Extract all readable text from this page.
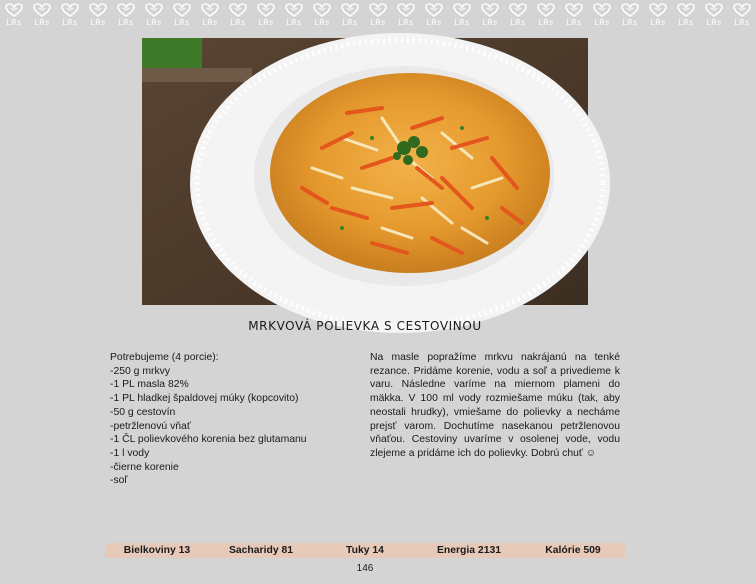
LRs LRs LRs LRs LRs LRs LRs LRs LRs LRs LRs LRs LRs LRs LRs LRs LRs LRs LRs LRs LRs LRs LRs LRs LRs LRs LRs
MRKVOVÁ POLIEVKA S CESTOVINOU
Potrebujeme (4 porcie):
-250 g mrkvy
-1 PL masla 82%
-1 PL hladkej špaldovej múky (kopcovito)
-50 g cestovín
-petržlenovú vňať
-1 ČL polievkového korenia bez glutamanu
-1 l vody
-čierne korenie
-soľ
Na masle popražíme mrkvu nakrájanú na tenké rezance. Pridáme korenie, vodu a soľ a privedieme k varu. Následne varíme na miernom plameni do mäkka. V 100 ml vody rozmiešame múku (tak, aby neostali hrudky), vmiešame do polievky a necháme prejsť varom. Dochutíme nasekanou petržlenovou vňaťou. Cestoviny uvaríme v osolenej vode, vodu zlejeme a pridáme ich do polievky. Dobrú chuť ☺
Bielkoviny 13	Sacharidy 81	Tuky 14	Energia 2131	Kalórie 509
146
